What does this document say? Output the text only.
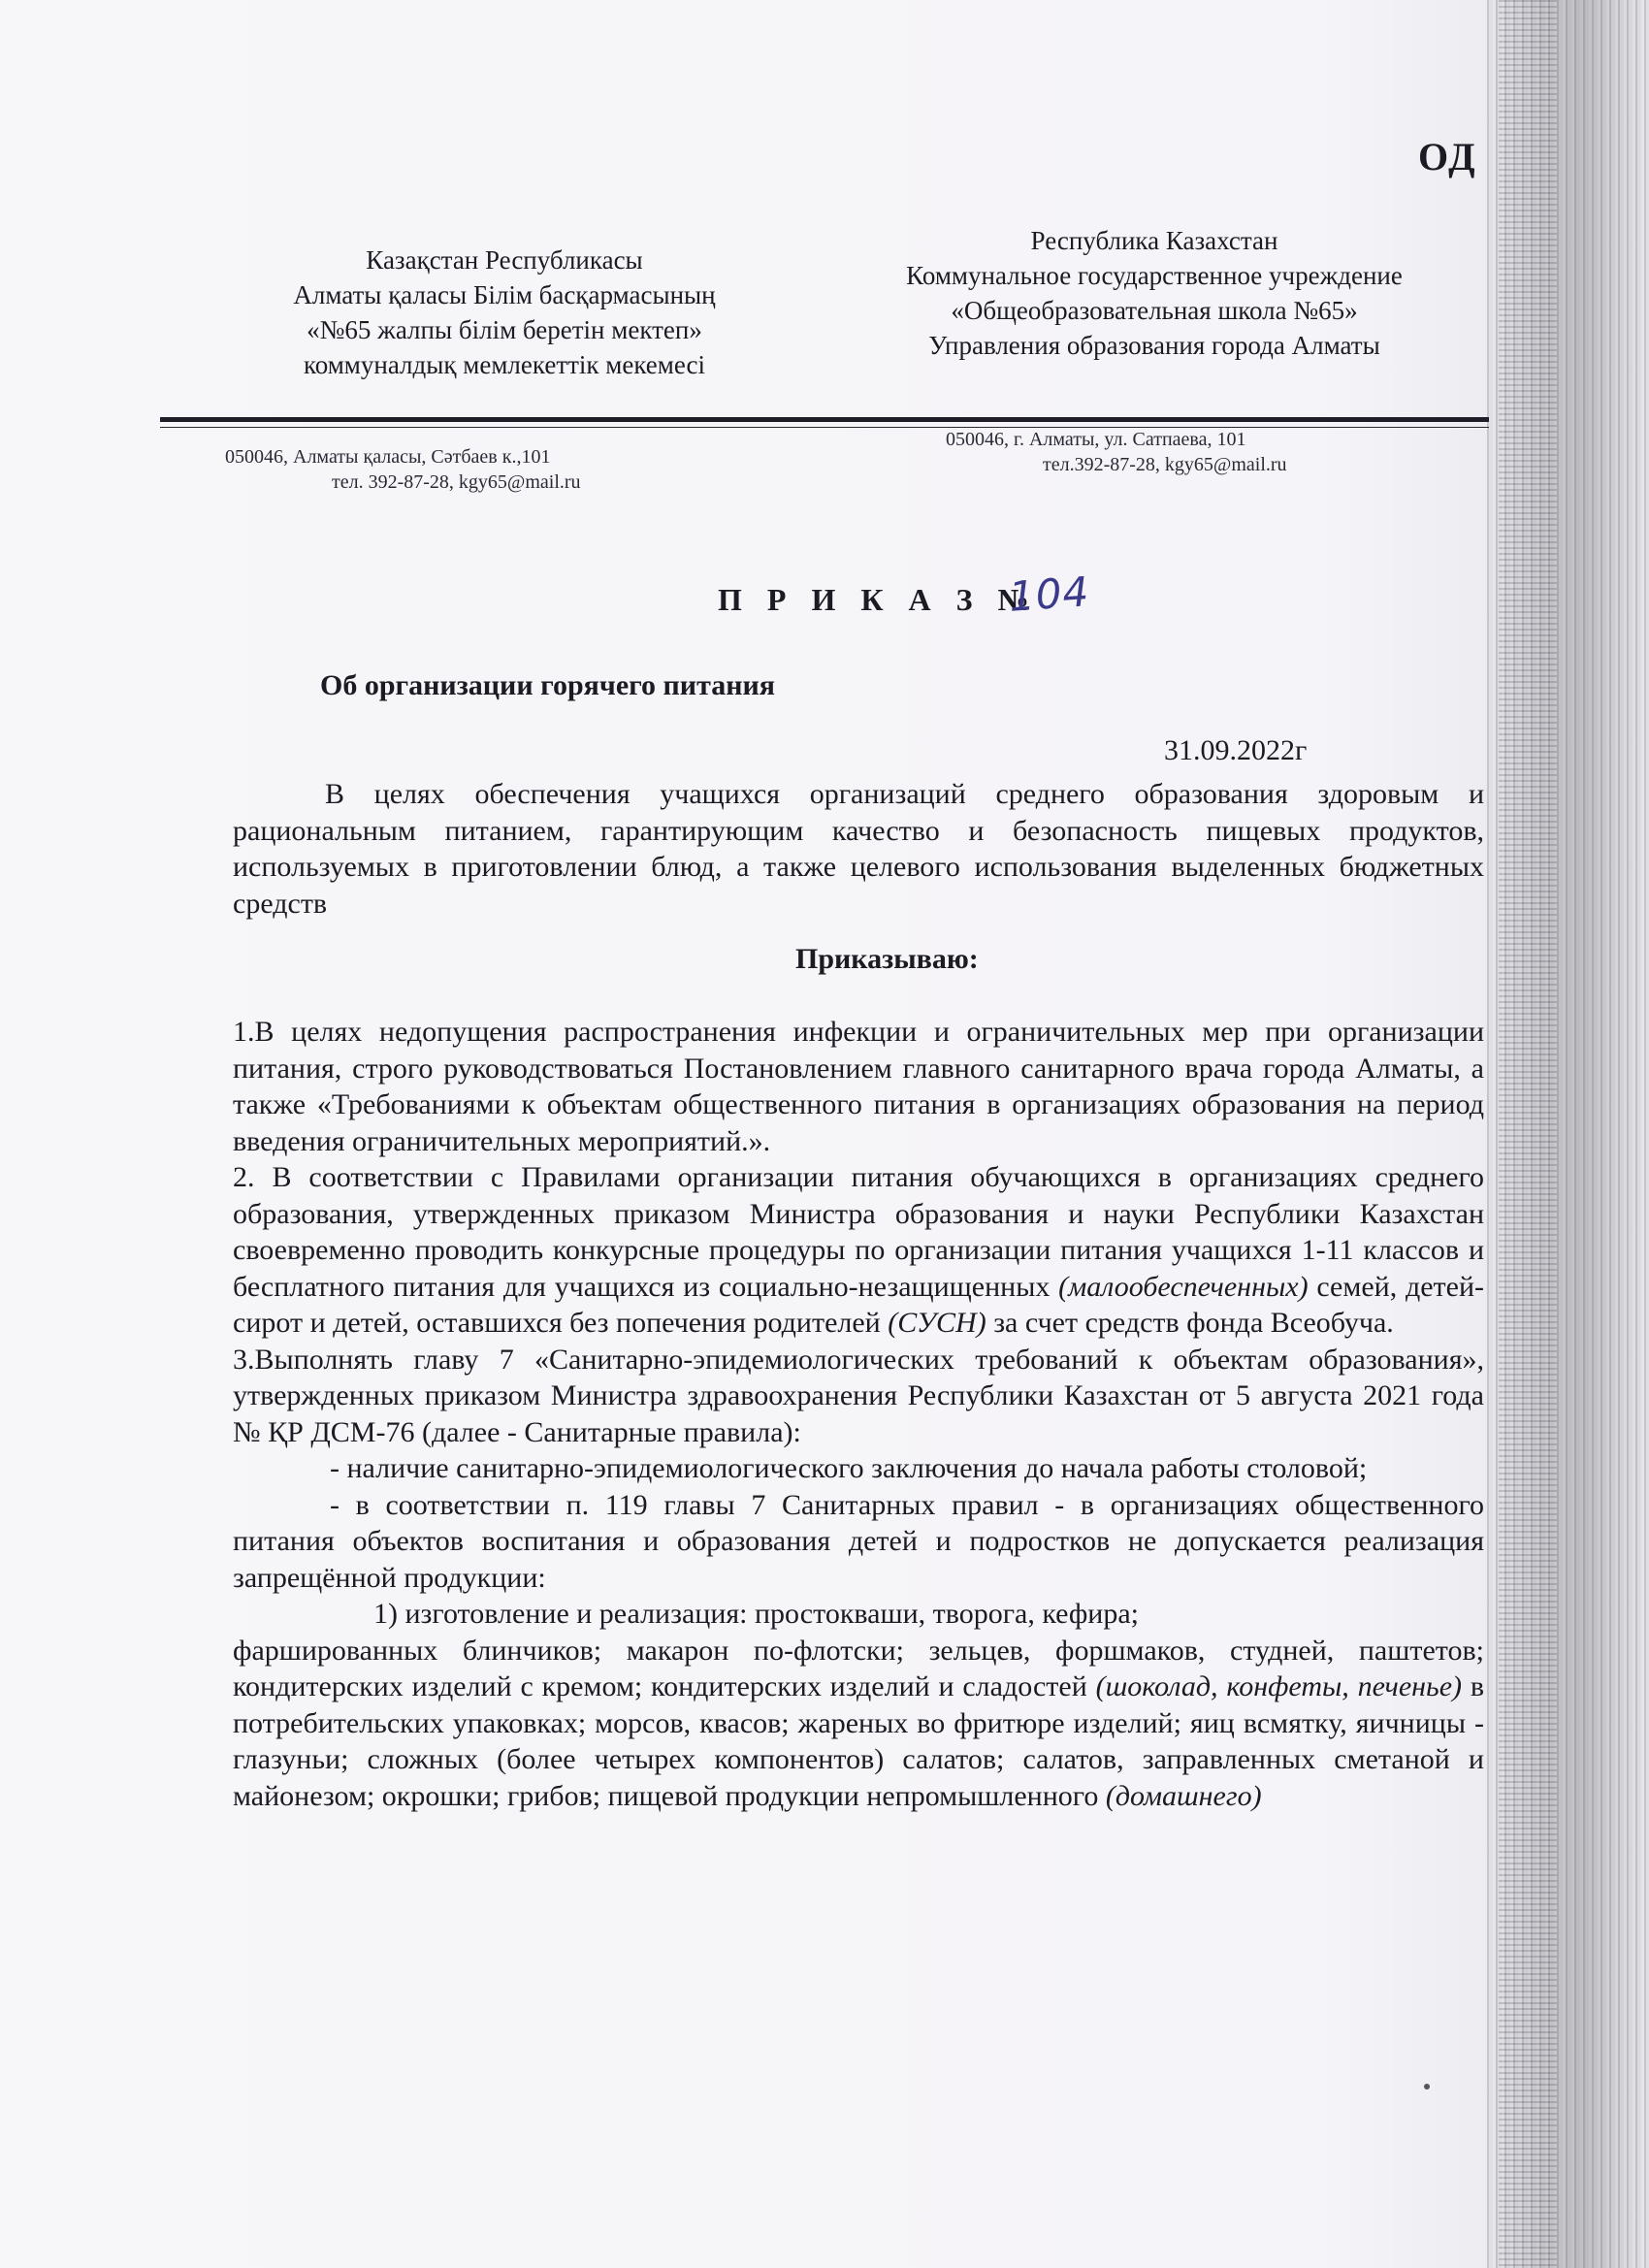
ОД
Казақстан Республикасы
Алматы қаласы Білім басқармасының
«№65 жалпы білім беретін мектеп»
коммуналдық мемлекеттік мекемесі
Республика Казахстан
Коммунальное государственное учреждение
«Общеобразовательная школа №65»
Управления образования города Алматы
050046, Алматы қаласы, Сәтбаев к.,101
тел. 392-87-28, kgy65@mail.ru
050046, г. Алматы, ул. Сатпаева, 101
тел.392-87-28, kgy65@mail.ru
П Р И К А З №
104
Об организации горячего питания
31.09.2022г
В целях обеспечения учащихся организаций среднего образования здоровым и рациональным питанием, гарантирующим качество и безопасность пищевых продуктов, используемых в приготовлении блюд, а также целевого использования выделенных бюджетных средств
Приказываю:

1.В целях недопущения распространения инфекции и ограничительных мер при организации питания, строго руководствоваться Постановлением главного санитарного врача города Алматы, а также «Требованиями к объектам общественного питания в организациях образования на период введения ограничительных мероприятий.».

2. В соответствии с Правилами организации питания обучающихся в организациях среднего образования, утвержденных приказом Министра образования и науки Республики Казахстан своевременно проводить конкурсные процедуры по организации питания учащихся 1-11 классов и бесплатного питания для учащихся из социально-незащищенных (малообеспеченных) семей, детей-сирот и детей, оставшихся без попечения родителей (СУСН) за счет средств фонда Всеобуча.

3.Выполнять главу 7 «Санитарно-эпидемиологических требований к объектам образования», утвержденных приказом Министра здравоохранения Республики Казахстан от 5 августа 2021 года № ҚР ДСМ-76 (далее - Санитарные правила):

- наличие санитарно-эпидемиологического заключения до начала работы столовой;

- в соответствии п. 119 главы 7 Санитарных правил - в организациях общественного питания объектов воспитания и образования детей и подростков не допускается реализация запрещённой продукции:

1) изготовление и реализация: простокваши, творога, кефира;

фаршированных блинчиков; макарон по-флотски; зельцев, форшмаков, студней, паштетов; кондитерских изделий с кремом; кондитерских изделий и сладостей (шоколад, конфеты, печенье) в потребительских упаковках; морсов, квасов; жареных во фритюре изделий; яиц всмятку, яичницы - глазуньи; сложных (более четырех компонентов) салатов; салатов, заправленных сметаной и майонезом; окрошки; грибов; пищевой продукции непромышленного (домашнего)
